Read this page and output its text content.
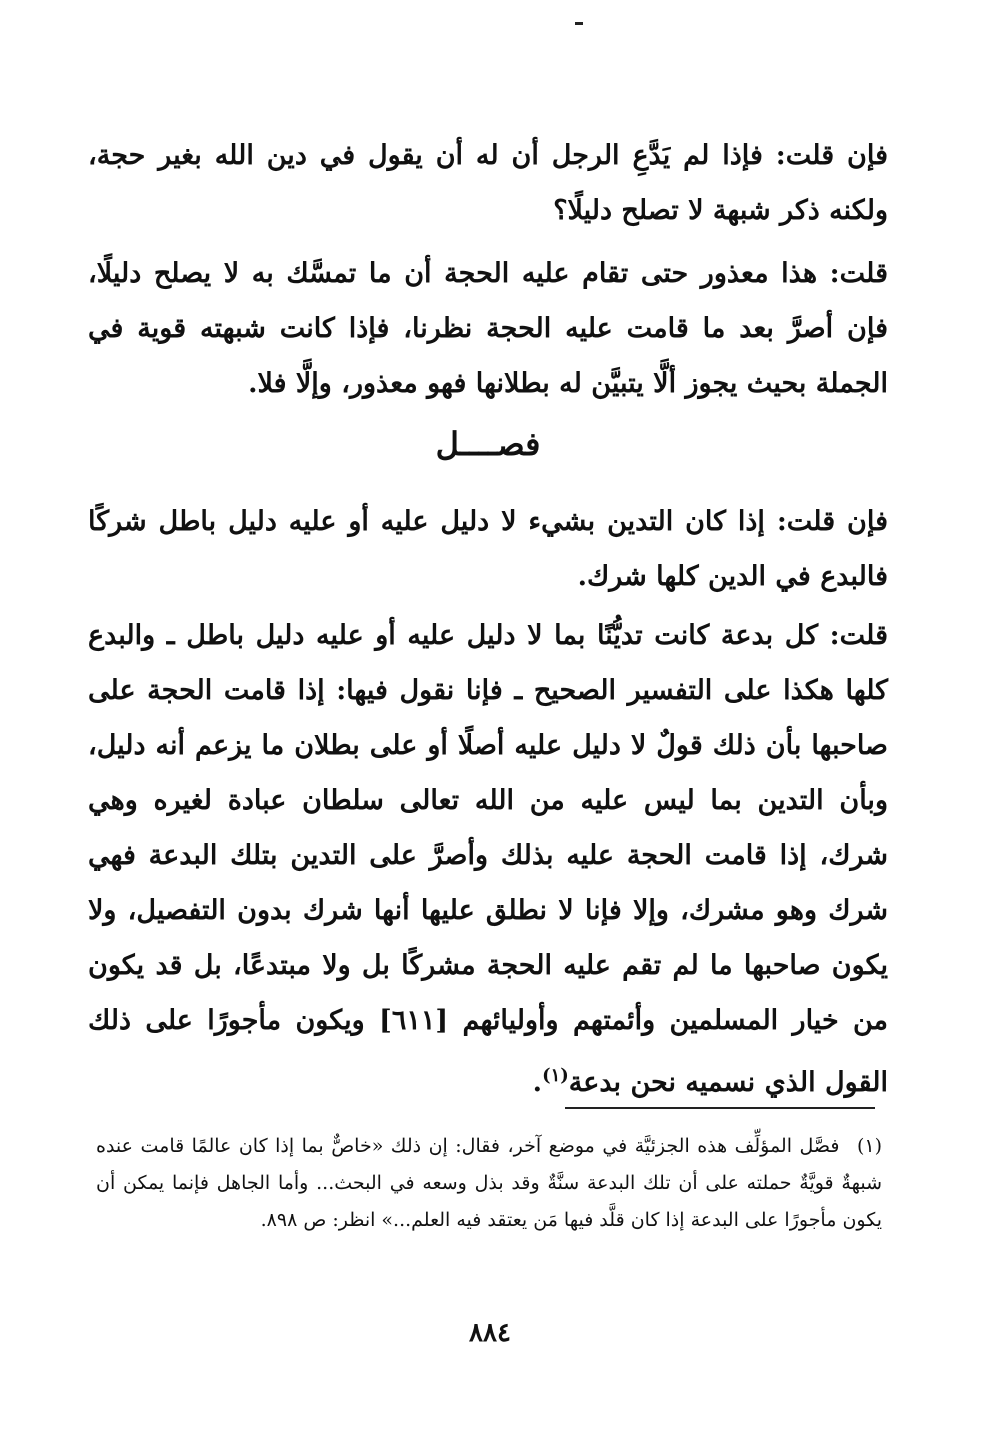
فإن قلت: فإذا لم يَدَّعِ الرجل أن له أن يقول في دين الله بغير حجة، ولكنه ذكر شبهة لا تصلح دليلًا؟

قلت: هذا معذور حتى تقام عليه الحجة أن ما تمسَّك به لا يصلح دليلًا، فإن أصرَّ بعد ما قامت عليه الحجة نظرنا، فإذا كانت شبهته قوية في الجملة بحيث يجوز ألَّا يتبيَّن له بطلانها فهو معذور، وإلَّا فلا.

فصــــل

فإن قلت: إذا كان التدين بشيء لا دليل عليه أو عليه دليل باطل شركًا فالبدع في الدين كلها شرك.

قلت: كل بدعة كانت تديُّنًا بما لا دليل عليه أو عليه دليل باطل ـ والبدع كلها هكذا على التفسير الصحيح ـ فإنا نقول فيها: إذا قامت الحجة على صاحبها بأن ذلك قولٌ لا دليل عليه أصلًا أو على بطلان ما يزعم أنه دليل، وبأن التدين بما ليس عليه من الله تعالى سلطان عبادة لغيره وهي شرك، إذا قامت الحجة عليه بذلك وأصرَّ على التدين بتلك البدعة فهي شرك وهو مشرك، وإلا فإنا لا نطلق عليها أنها شرك بدون التفصيل، ولا يكون صاحبها ما لم تقم عليه الحجة مشركًا بل ولا مبتدعًا، بل قد يكون من خيار المسلمين وأئمتهم وأوليائهم [٦١١] ويكون مأجورًا على ذلك القول الذي نسميه نحن بدعة$^{(١)}$.

(١) فصَّل المؤلِّف هذه الجزئيَّة في موضع آخر، فقال: إن ذلك «خاصٌّ بما إذا كان عالمًا قامت عنده شبهةٌ قويَّةٌ حملته على أن تلك البدعة سنَّةٌ وقد بذل وسعه في البحث... وأما الجاهل فإنما يمكن أن يكون مأجورًا على البدعة إذا كان قلَّد فيها مَن يعتقد فيه العلم...» انظر: ص ٨٩٨.
٨٨٤
